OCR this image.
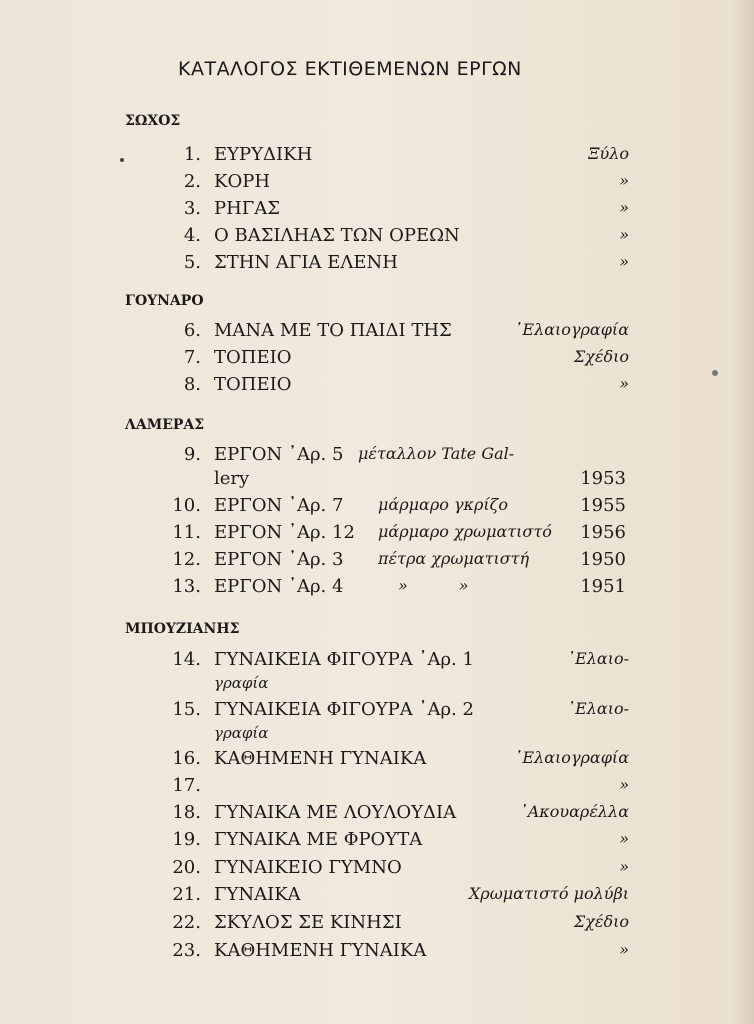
ΚΑΤΑΛΟΓΟΣ ΕΚΤΙΘΕΜΕΝΩΝ ΕΡΓΩΝ
ΣΩΧΟΣ
ΓΟΥΝΑΡΟ
ΛΑΜΕΡΑΣ
ΜΠΟΥΖΙΑΝΗΣ
1. ΕΥΡΥΔΙΚΗ	Ξύλο
2. ΚΟΡΗ	»
3. ΡΗΓΑΣ	»
4. Ο ΒΑΣΙΛΗΑΣ ΤΩΝ ΟΡΕΩΝ	»
5. ΣΤΗΝ ΑΓΙΑ ΕΛΕΝΗ	»
6. ΜΑΝΑ ΜΕ ΤΟ ΠΑΙΔΙ ΤΗΣ	᾿Ελαιογραφία
7. ΤΟΠΕΙΟ	Σχέδιο
8. ΤΟΠΕΙΟ	»
9. ΕΡΓΟΝ ᾿Αρ. 5 μέταλλον Tate Gal-
lery	1953
10. ΕΡΓΟΝ ᾿Αρ. 7 μάρμαρο γκρίζο	1955
11. ΕΡΓΟΝ ᾿Αρ. 12 μάρμαρο χρωματιστό 1956
12. ΕΡΓΟΝ ᾿Αρ. 3 πέτρα χρωματιστή	1950
13. ΕΡΓΟΝ ᾿Αρ. 4	»          »	1951
14. ΓΥΝΑΙΚΕΙΑ ΦΙΓΟΥΡΑ ᾿Αρ. 1	᾿Ελαιο-
γραφία
15. ΓΥΝΑΙΚΕΙΑ ΦΙΓΟΥΡΑ ᾿Αρ. 2	᾿Ελαιο-
γραφία
16. ΚΑΘΗΜΕΝΗ ΓΥΝΑΙΚΑ	᾿Ελαιογραφία
17.	»
18. ΓΥΝΑΙΚΑ ΜΕ ΛΟΥΛΟΥΔΙΑ	᾿Ακουαρέλλα
19. ΓΥΝΑΙΚΑ ΜΕ ΦΡΟΥΤΑ	»
20. ΓΥΝΑΙΚΕΙΟ ΓΥΜΝΟ	»
21. ΓΥΝΑΙΚΑ	Χρωματιστό μολύβι
22. ΣΚΥΛΟΣ ΣΕ ΚΙΝΗΣΙ	Σχέδιο
23. ΚΑΘΗΜΕΝΗ ΓΥΝΑΙΚΑ	»
